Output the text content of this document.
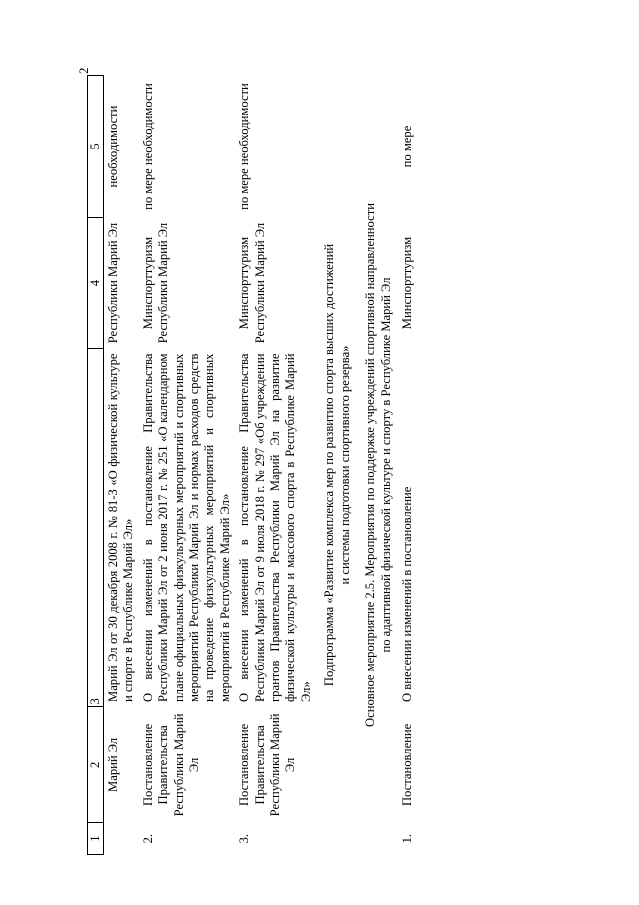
2
1	2	3	4	5
	Марий Эл	Марий Эл от 30 декабря 2008 г. № 81-З «О физической культуре и спорте в Республике Марий Эл»	Республики Марий Эл	необходимости
2.	Постановление Правительства Республики Марий Эл	О внесении изменений в постановление Правительства Республики Марий Эл от 2 июня 2017 г. № 251 «О календарном плане официальных физкультурных мероприятий и спортивных мероприятий Республики Марий Эл и нормах расходов средств на проведение физкультурных мероприятий и спортивных мероприятий в Республике Марий Эл»	Минспорттуризм Республики Марий Эл	по мере необходимости
3.	Постановление Правительства Республики Марий Эл	О внесении изменений в постановление Правительства Республики Марий Эл от 9 июля 2018 г. № 297 «Об учреждении грантов Правительства Республики Марий Эл на развитие физической культуры и массового спорта в Республике Марий Эл»	Минспорттуризм Республики Марий Эл	по мере необходимости

Подпрограмма «Развитие комплекса мер по развитию спорта высших достижений и системы подготовки спортивного резерва»				

Основное мероприятие 2.5. Мероприятия по поддержке учреждений спортивной направленности по адаптивной физической культуре и спорту в Республике Марий Эл				

1.	Постановление	О внесении изменений в постановление	Минспорттуризм	по мере
